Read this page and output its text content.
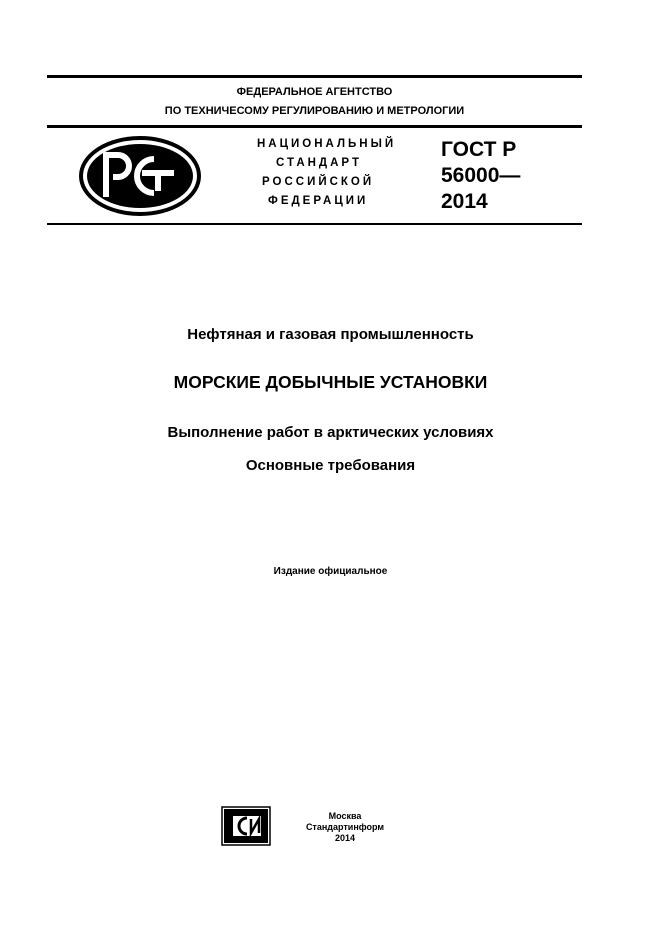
ФЕДЕРАЛЬНОЕ АГЕНТСТВО
ПО ТЕХНИЧЕСОМУ РЕГУЛИРОВАНИЮ И МЕТРОЛОГИИ
НАЦИОНАЛЬНЫЙ
СТАНДАРТ
РОССИЙСКОЙ
ФЕДЕРАЦИИ
ГОСТ Р
56000—
2014
Нефтяная и газовая промышленность
МОРСКИЕ ДОБЫЧНЫЕ УСТАНОВКИ
Выполнение работ в арктических условиях
Основные требования
Издание официальное
Москва
Стандартинформ
2014
